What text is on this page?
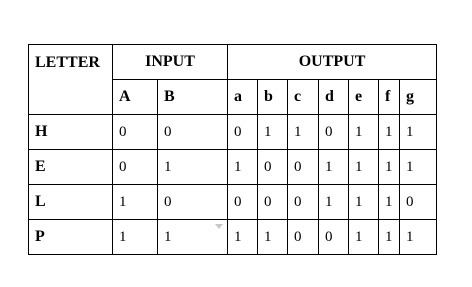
LETTER	INPUT		OUTPUT						
	A	B	a	b	c	d	e	f	g
H	0	0	0	1	1	0	1	1	1
E	0	1	1	0	0	1	1	1	1
L	1	0	0	0	0	1	1	1	0
P	1	1	1	1	0	0	1	1	1
